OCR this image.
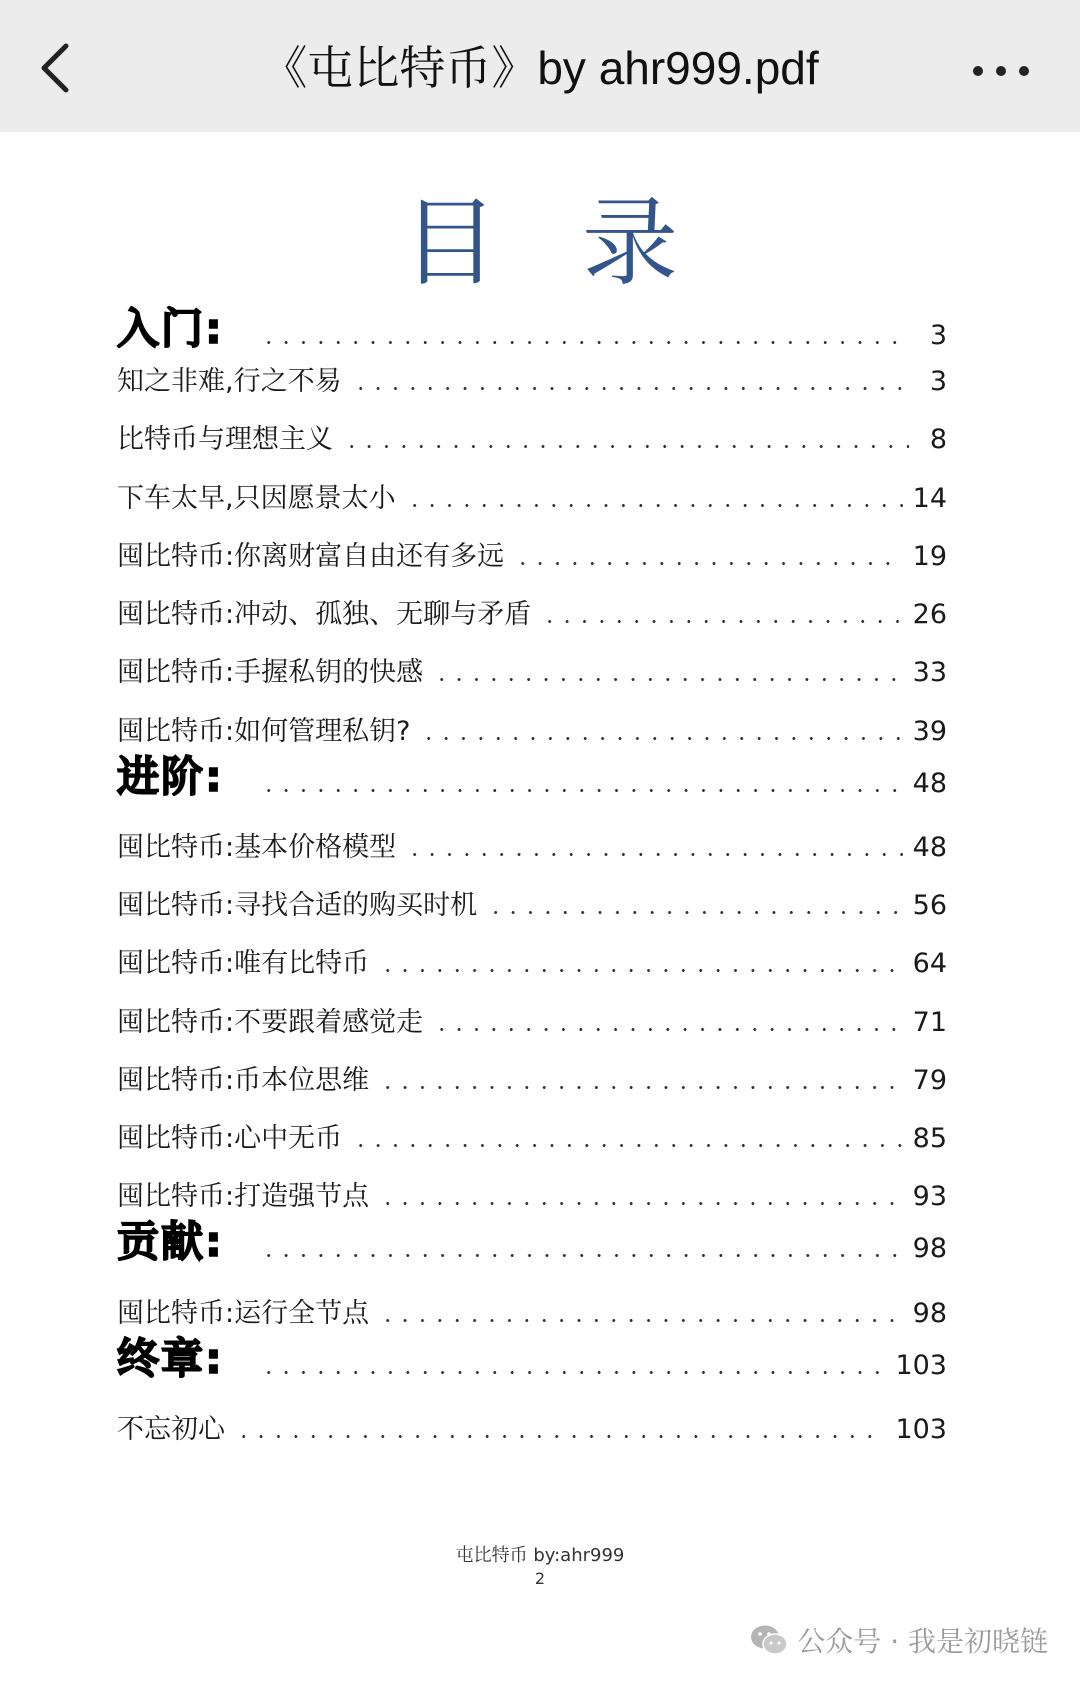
《屯比特币》by ahr999.pdf
目录
入门:	3
知之非难,行之不易	3
比特币与理想主义	8
下车太早,只因愿景太小	14
囤比特币:你离财富自由还有多远	19
囤比特币:冲动、孤独、无聊与矛盾	26
囤比特币:手握私钥的快感	33
囤比特币:如何管理私钥?	39
进阶:	48
囤比特币:基本价格模型	48
囤比特币:寻找合适的购买时机	56
囤比特币:唯有比特币	64
囤比特币:不要跟着感觉走	71
囤比特币:币本位思维	79
囤比特币:心中无币	85
囤比特币:打造强节点	93
贡献:	98
囤比特币:运行全节点	98
终章:	103
不忘初心	103
屯比特币 by:ahr999
2
公众号 · 我是初晓链
